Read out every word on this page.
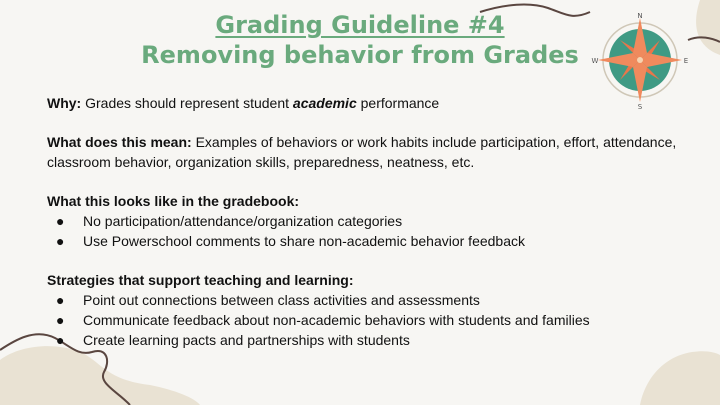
Grading Guideline #4
Removing behavior from Grades
N
S
W	E

Why: Grades should represent student academic performance

What does this mean: Examples of behaviors or work habits include participation, effort, attendance, classroom behavior, organization skills, preparedness, neatness, etc.

What this looks like in the gradebook:

● No participation/attendance/organization categories
● Use Powerschool comments to share non-academic behavior feedback

Strategies that support teaching and learning:

● Point out connections between class activities and assessments
● Communicate feedback about non-academic behaviors with students and families
● Create learning pacts and partnerships with students
